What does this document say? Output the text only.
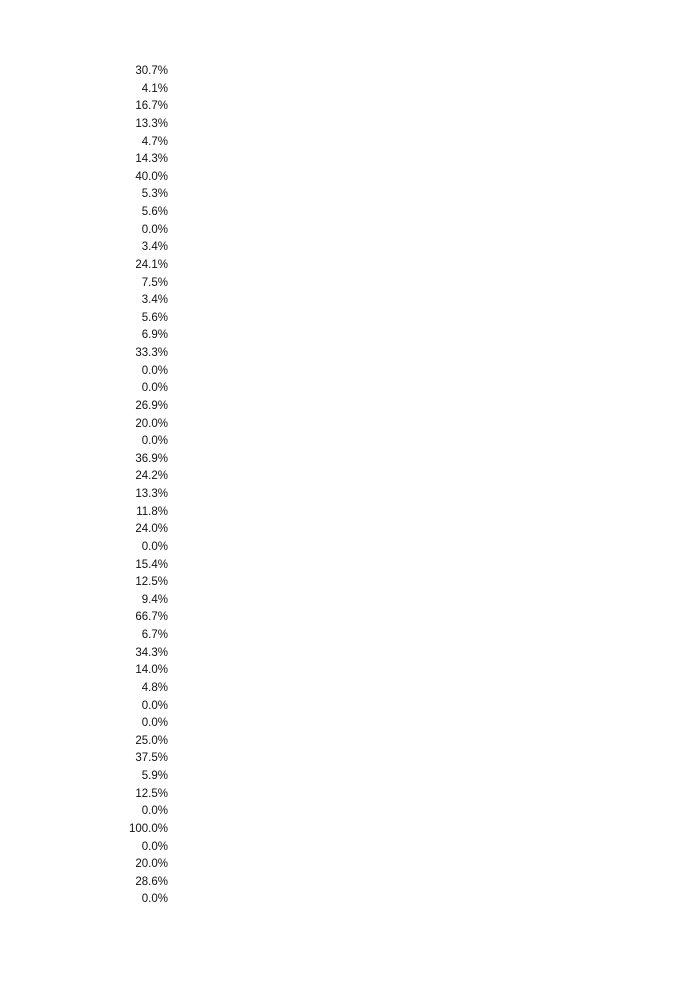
30.7%
4.1%
16.7%
13.3%
4.7%
14.3%
40.0%
5.3%
5.6%
0.0%
3.4%
24.1%
7.5%
3.4%
5.6%
6.9%
33.3%
0.0%
0.0%
26.9%
20.0%
0.0%
36.9%
24.2%
13.3%
11.8%
24.0%
0.0%
15.4%
12.5%
9.4%
66.7%
6.7%
34.3%
14.0%
4.8%
0.0%
0.0%
25.0%
37.5%
5.9%
12.5%
0.0%
100.0%
0.0%
20.0%
28.6%
0.0%
